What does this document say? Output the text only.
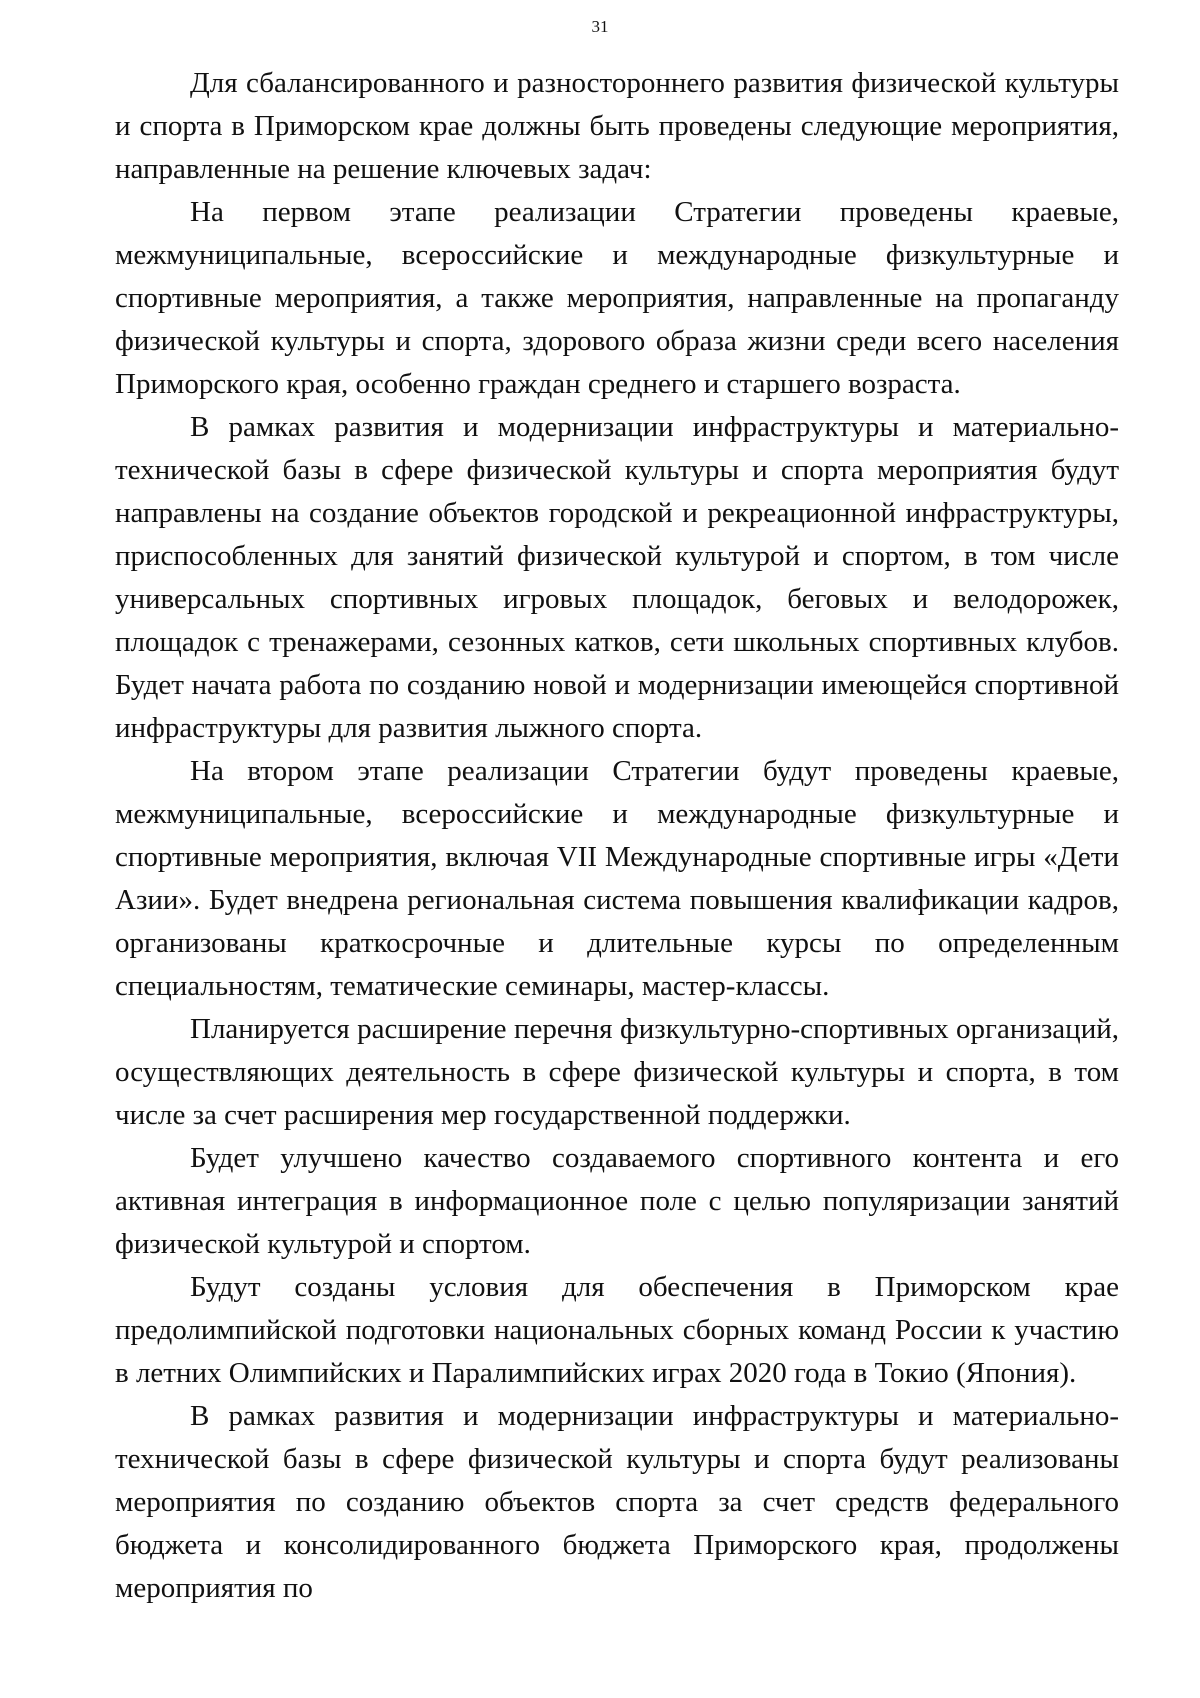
31

Для сбалансированного и разностороннего развития физической культуры и спорта в Приморском крае должны быть проведены следующие мероприятия, направленные на решение ключевых задач:

На первом этапе реализации Стратегии проведены краевые, межмуниципальные, всероссийские и международные физкультурные и спортивные мероприятия, а также мероприятия, направленные на пропаганду физической культуры и спорта, здорового образа жизни среди всего населения Приморского края, особенно граждан среднего и старшего возраста.

В рамках развития и модернизации инфраструктуры и материально-технической базы в сфере физической культуры и спорта мероприятия будут направлены на создание объектов городской и рекреационной инфраструктуры, приспособленных для занятий физической культурой и спортом, в том числе универсальных спортивных игровых площадок, беговых и велодорожек, площадок с тренажерами, сезонных катков, сети школьных спортивных клубов. Будет начата работа по созданию новой и модернизации имеющейся спортивной инфраструктуры для развития лыжного спорта.

На втором этапе реализации Стратегии будут проведены краевые, межмуниципальные, всероссийские и международные физкультурные и спортивные мероприятия, включая VII Международные спортивные игры «Дети Азии». Будет внедрена региональная система повышения квалификации кадров, организованы краткосрочные и длительные курсы по определенным специальностям, тематические семинары, мастер-классы.

Планируется расширение перечня физкультурно-спортивных организаций, осуществляющих деятельность в сфере физической культуры и спорта, в том числе за счет расширения мер государственной поддержки.

Будет улучшено качество создаваемого спортивного контента и его активная интеграция в информационное поле с целью популяризации занятий физической культурой и спортом.

Будут созданы условия для обеспечения в Приморском крае предолимпийской подготовки национальных сборных команд России к участию в летних Олимпийских и Паралимпийских играх 2020 года в Токио (Япония).

В рамках развития и модернизации инфраструктуры и материально-технической базы в сфере физической культуры и спорта будут реализованы мероприятия по созданию объектов спорта за счет средств федерального бюджета и консолидированного бюджета Приморского края, продолжены мероприятия по
